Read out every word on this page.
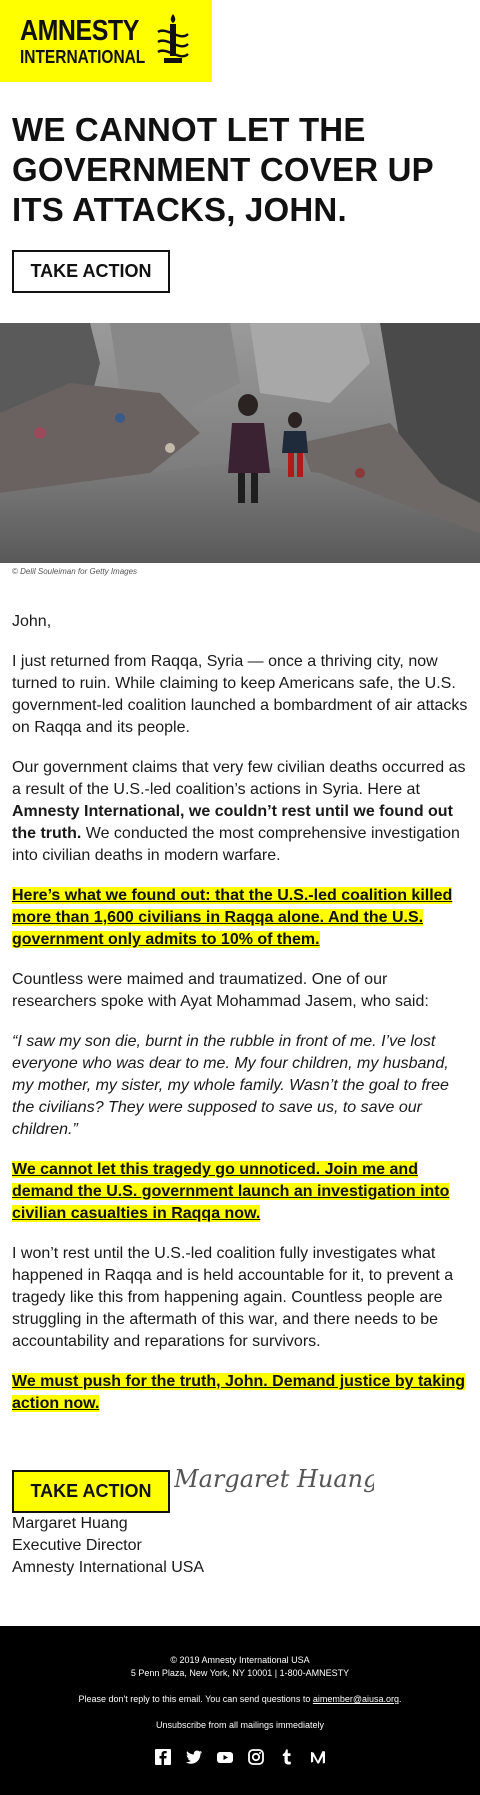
AMNESTY
INTERNATIONAL
WE CANNOT LET THE GOVERNMENT COVER UP ITS ATTACKS, JOHN.
TAKE ACTION
© Delil Souleiman for Getty Images

John,

I just returned from Raqqa, Syria — once a thriving city, now turned to ruin. While claiming to keep Americans safe, the U.S. government-led coalition launched a bombardment of air attacks on Raqqa and its people.

Our government claims that very few civilian deaths occurred as a result of the U.S.-led coalition’s actions in Syria. Here at Amnesty International, we couldn’t rest until we found out the truth. We conducted the most comprehensive investigation into civilian deaths in modern warfare.

Here’s what we found out: that the U.S.-led coalition killed more than 1,600 civilians in Raqqa alone. And the U.S. government only admits to 10% of them.

Countless were maimed and traumatized. One of our researchers spoke with Ayat Mohammad Jasem, who said:

“I saw my son die, burnt in the rubble in front of me. I’ve lost everyone who was dear to me. My four children, my husband, my mother, my sister, my whole family. Wasn’t the goal to free the civilians? They were supposed to save us, to save our children.”

We cannot let this tragedy go unnoticed. Join me and demand the U.S. government launch an investigation into civilian casualties in Raqqa now.

I won’t rest until the U.S.-led coalition fully investigates what happened in Raqqa and is held accountable for it, to prevent a tragedy like this from happening again. Countless people are struggling in the aftermath of this war, and there needs to be accountability and reparations for survivors.

We must push for the truth, John. Demand justice by taking action now.

TAKE ACTION Margaret Huang

Margaret Huang

Executive Director

Amnesty International USA

© 2019 Amnesty International USA
5 Penn Plaza, New York, NY 10001 | 1-800-AMNESTY
Please don't reply to this email. You can send questions to aimember@aiusa.org.
Unsubscribe from all mailings immediately
